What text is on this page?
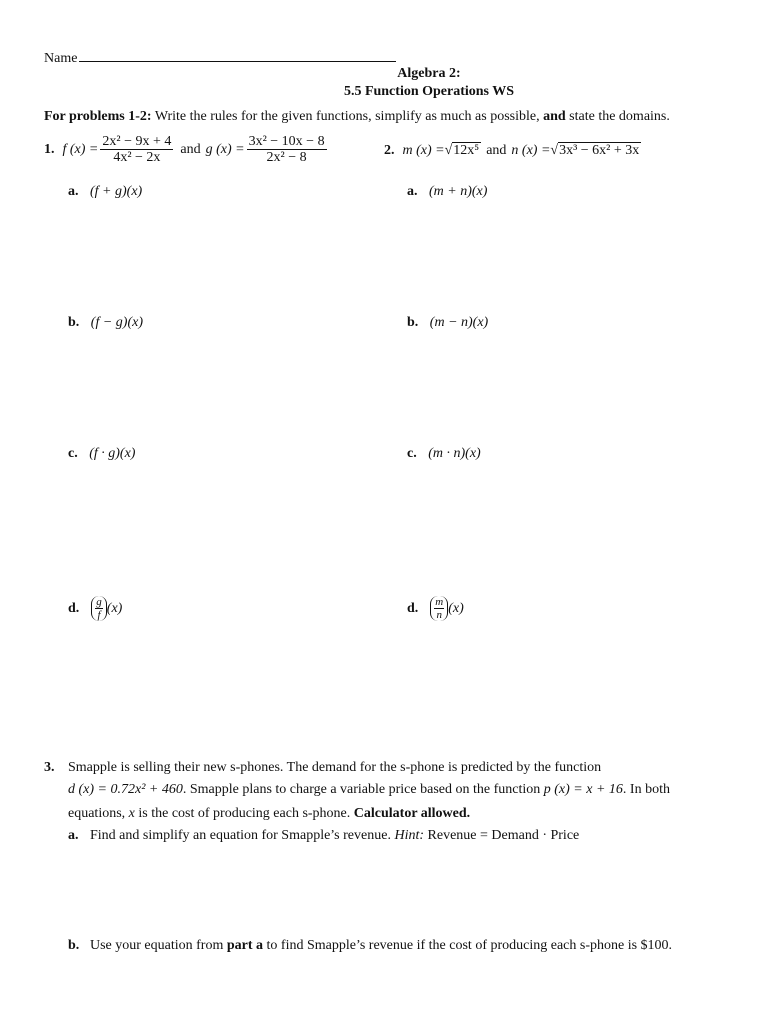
Name
Algebra 2:
5.5 Function Operations WS
For problems 1-2: Write the rules for the given functions, simplify as much as possible, and state the domains.
1. f $(x) = \frac{\text{2x² − 9x + 4}}{\text{4x² − 2x}}$ and g $(x) = \frac{\text{3x² − 10x − 8}}{\text{2x² − 8}}$	2. m (x) = √12x⁵ and n (x) = √3x³ − 6x² + 3x
a. (f + g)(x)
b. (f − g)(x)
c. (f · g)(x)
d. $\frac{g}{f} (x)$
a. (m + n)(x)
b. (m − n)(x)
c. (m · n)(x)
d. $\frac{m}{n} (x)$
3. Smapple is selling their new s-phones. The demand for the s-phone is predicted by the function
d (x) = 0.72x² + 460. Smapple plans to charge a variable price based on the function p (x) = x + 16. In both
equations, x is the cost of producing each s-phone. Calculator allowed.
a. Find and simplify an equation for Smapple’s revenue. Hint: Revenue = Demand · Price
b. Use your equation from part a to find Smapple’s revenue if the cost of producing each s-phone is $100.
